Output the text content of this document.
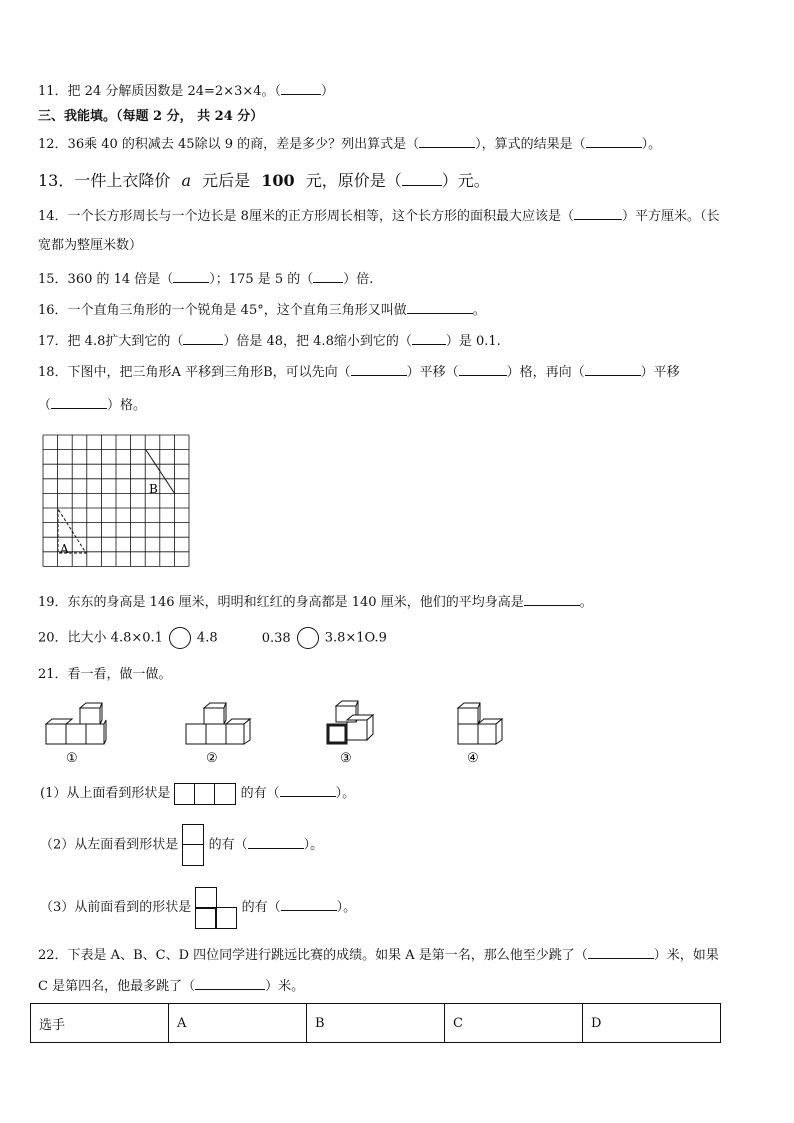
11．把 24 分解质因数是 24=2×3×4。（	）
三、我能填。（每题 2 分， 共 24 分）
12．36乘 40 的积减去 45除以 9 的商，差是多少？列出算式是（	），算式的结果是（	）。
13．一件上衣降价 a 元后是 100 元，原价是（	）元。
14．一个长方形周长与一个边长是 8厘米的正方形周长相等，这个长方形的面积最大应该是（	）平方厘米。（长
宽都为整厘米数）
15．360 的 14 倍是（	）；175 是 5 的（ ）倍.
16．一个直角三角形的一个锐角是 45°，这个直角三角形又叫做	。
17．把 4.8扩大到它的（	）倍是 48，把 4.8缩小到它的（	）是 0.1.
18．下图中，把三角形A 平移到三角形B，可以先向（	）平移（	）格，再向（	）平移
（	）格。
A
B
19．东东的身高是 146 厘米，明明和红红的身高都是 140 厘米，他们的平均身高是	。
20．比大小 4.8×0.1	4.8	0.38	3.8×1O.9
21．看一看，做一做。
①	②	③	④
(1）从上面看到形状是	的有（	）。
（2）从左面看到形状是 的有（	）。
（3）从前面看到的形状是	的有（	）。
22．下表是 A、B、C、D 四位同学进行跳远比赛的成绩。如果 A 是第一名，那么他至少跳了（	）米，如果
C 是第四名，他最多跳了（	）米。
选手	A	B	C	D
